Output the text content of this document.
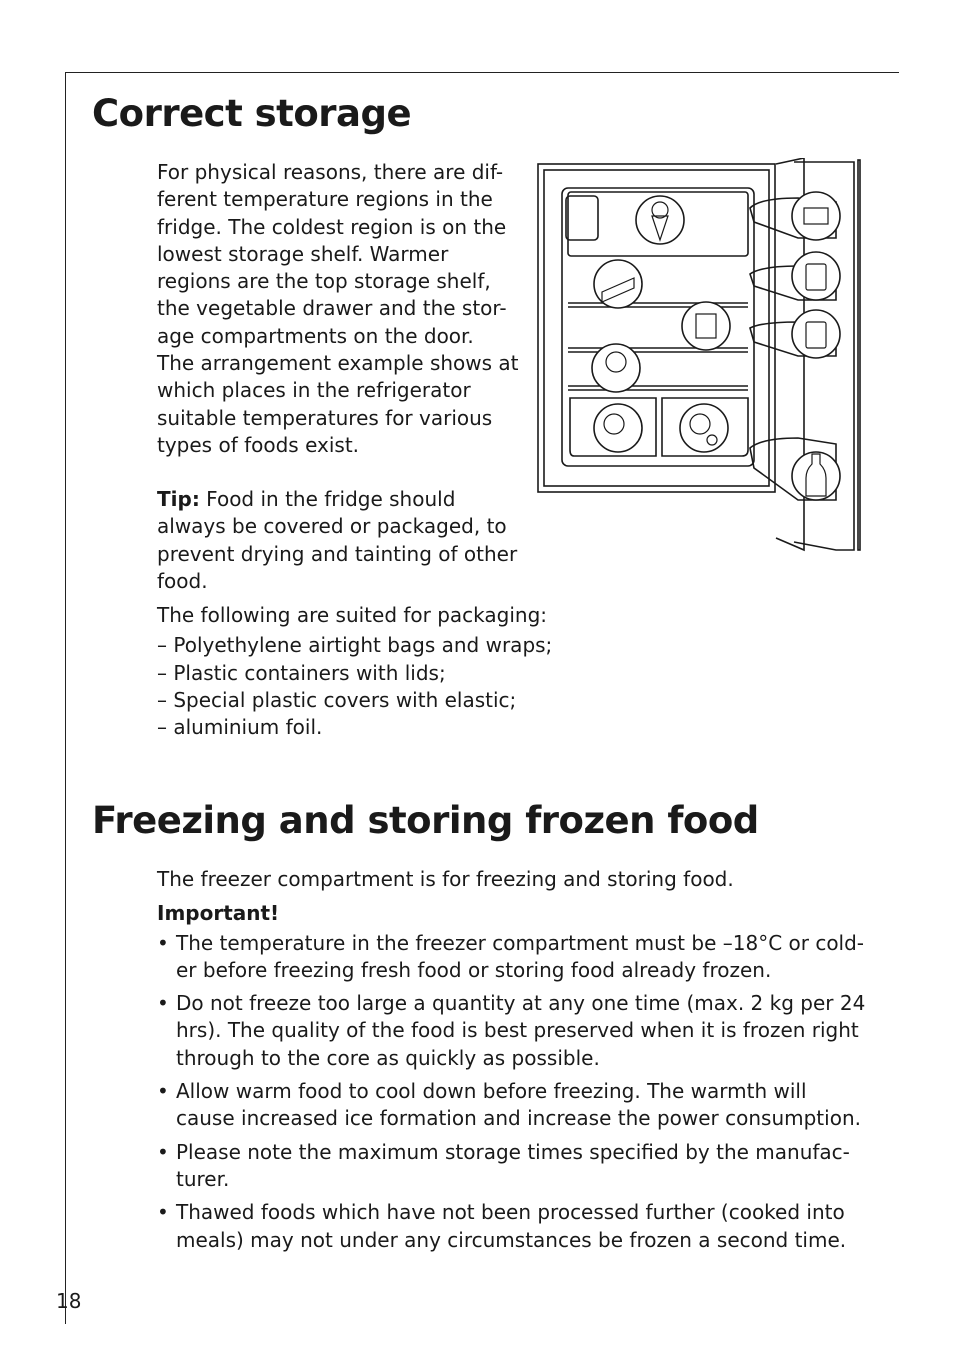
Correct storage

For physical reasons, there are dif-
ferent temperature regions in the
fridge. The coldest region is on the
lowest storage shelf. Warmer
regions are the top storage shelf,
the vegetable drawer and the stor-
age compartments on the door.
The arrangement example shows at
which places in the refrigerator
suitable temperatures for various
types of foods exist.

Tip: Food in the fridge should
always be covered or packaged, to
prevent drying and tainting of other
food.

The following are suited for packaging:

– Polyethylene airtight bags and wraps;

– Plastic containers with lids;

– Special plastic covers with elastic;

– aluminium foil.

Freezing and storing frozen food

The freezer compartment is for freezing and storing food.

Important!

• The temperature in the freezer compartment must be –18°C or cold-
er before freezing fresh food or storing food already frozen.
• Do not freeze too large a quantity at any one time (max. 2 kg per 24
hrs). The quality of the food is best preserved when it is frozen right
through to the core as quickly as possible.
• Allow warm food to cool down before freezing. The warmth will
cause increased ice formation and increase the power consumption.
• Please note the maximum storage times specified by the manufac-
turer.
• Thawed foods which have not been processed further (cooked into
meals) may not under any circumstances be frozen a second time.
18
